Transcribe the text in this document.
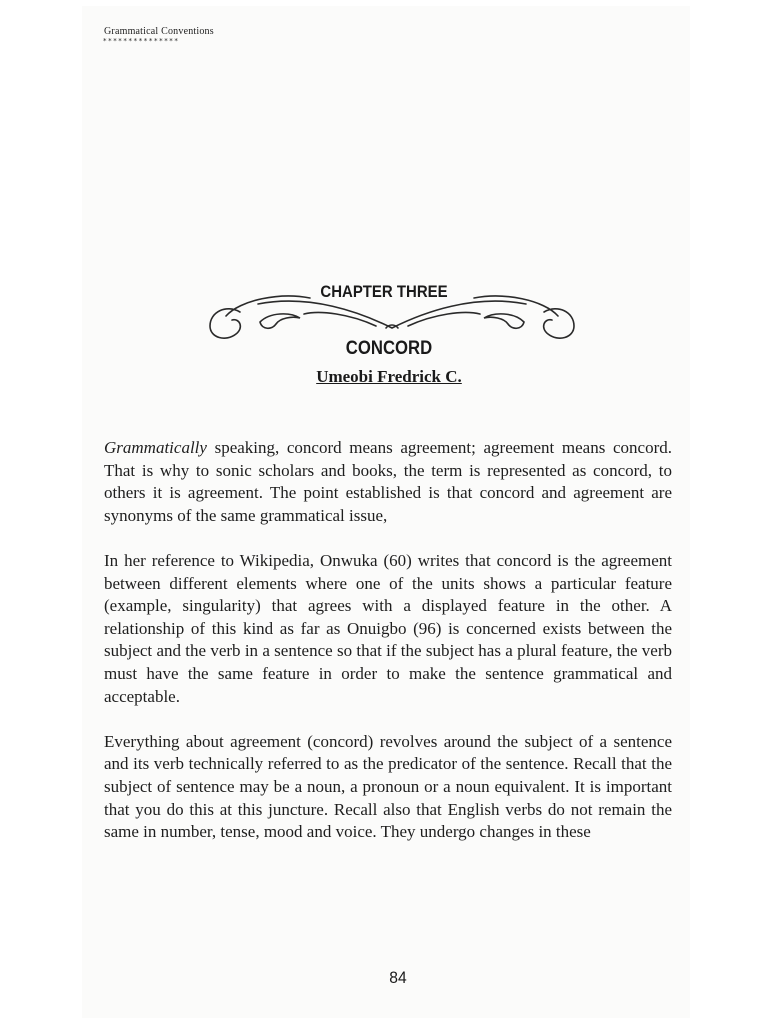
Grammatical Conventions
***************
CHAPTER THREE
CONCORD
Umeobi Fredrick C.

Grammatically speaking, concord means agreement; agreement means concord. That is why to sonic scholars and books, the term is represented as concord, to others it is agreement. The point established is that concord and agreement are synonyms of the same grammatical issue,

In her reference to Wikipedia, Onwuka (60) writes that concord is the agreement between different elements where one of the units shows a particular feature (example, singularity) that agrees with a displayed feature in the other. A relationship of this kind as far as Onuigbo (96) is concerned exists between the subject and the verb in a sentence so that if the subject has a plural feature, the verb must have the same feature in order to make the sentence grammatical and acceptable.

Everything about agreement (concord) revolves around the subject of a sentence and its verb technically referred to as the predicator of the sentence. Recall that the subject of sentence may be a noun, a pronoun or a noun equivalent. It is important that you do this at this juncture. Recall also that English verbs do not remain the same in number, tense, mood and voice. They undergo changes in these

84
